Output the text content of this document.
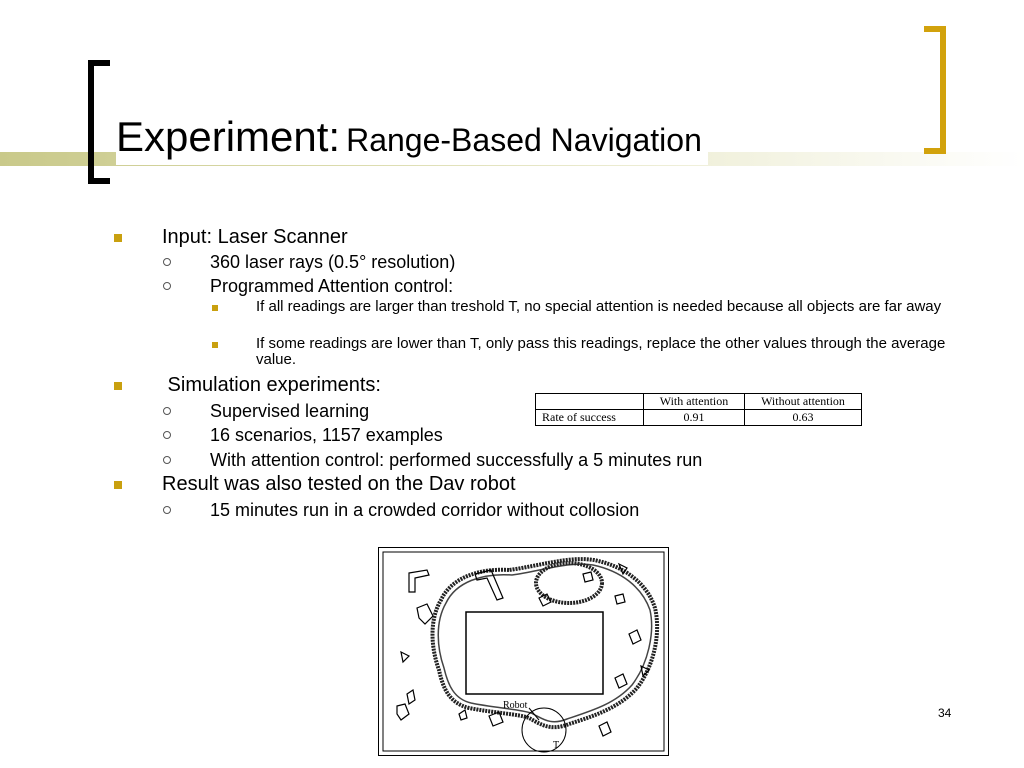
Experiment: Range-Based Navigation
Input: Laser Scanner
360 laser rays (0.5° resolution)
Programmed Attention control:
If all readings are larger than treshold T, no special attention is needed because all objects are far away
If some readings are lower than T, only pass this readings, replace the other values through the average value.
Simulation experiments:
Supervised learning
16 scenarios, 1157 examples
With attention control: performed successfully a 5 minutes run
Result was also tested on the Dav robot
15 minutes run in a crowded corridor without collosion
	With attention	Without attention
Rate of success	0.91	0.63
Robot
T
34
